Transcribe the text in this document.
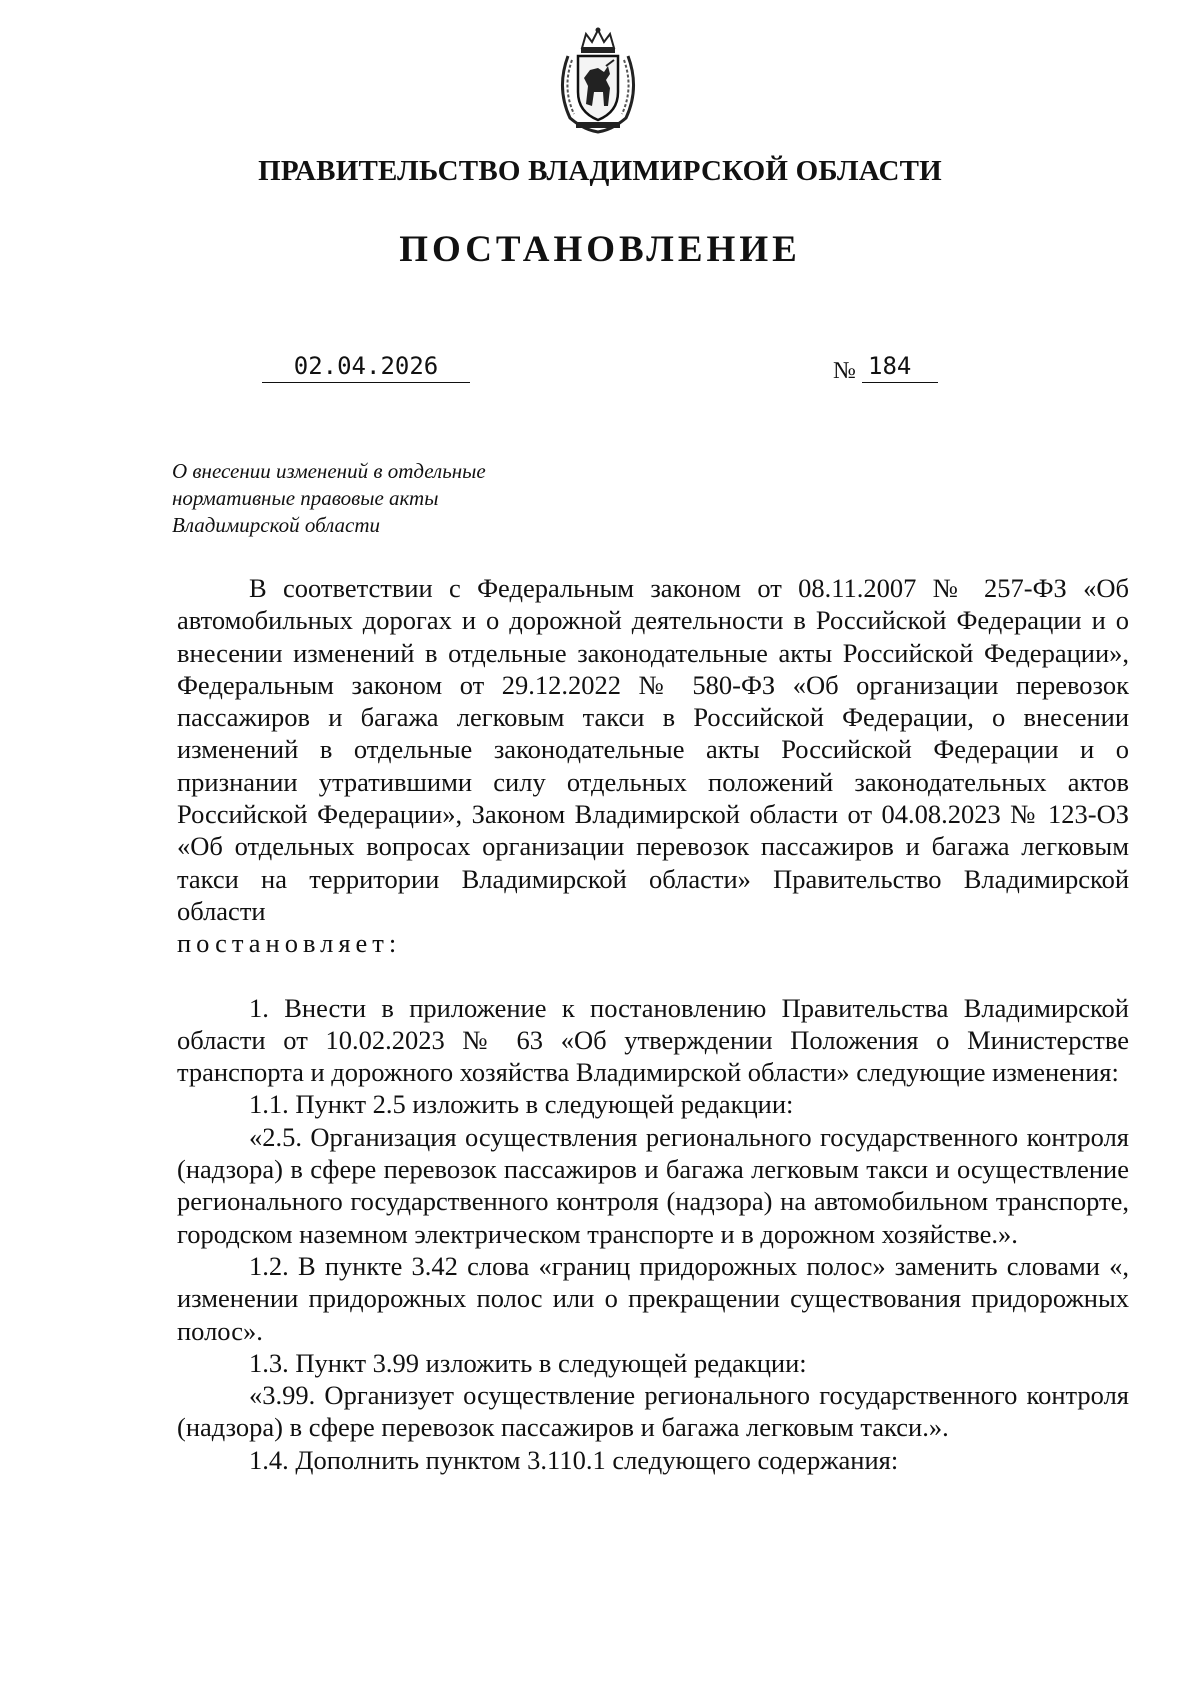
ПРАВИТЕЛЬСТВО ВЛАДИМИРСКОЙ ОБЛАСТИ
ПОСТАНОВЛЕНИЕ
02.04.2026	№ 184
О внесении изменений в отдельные
нормативные правовые акты
Владимирской области

В соответствии с Федеральным законом от 08.11.2007 № 257-ФЗ «Об автомобильных дорогах и о дорожной деятельности в Российской Федерации и о внесении изменений в отдельные законодательные акты Российской Федерации», Федеральным законом от 29.12.2022 № 580-ФЗ «Об организации перевозок пассажиров и багажа легковым такси в Российской Федерации, о внесении изменений в отдельные законодательные акты Российской Федерации и о признании утратившими силу отдельных положений законодательных актов Российской Федерации», Законом Владимирской области от 04.08.2023 № 123-ОЗ «Об отдельных вопросах организации перевозок пассажиров и багажа легковым такси на территории Владимирской области» Правительство Владимирской области

постановляет:

1. Внести в приложение к постановлению Правительства Владимирской области от 10.02.2023 № 63 «Об утверждении Положения о Министерстве транспорта и дорожного хозяйства Владимирской области» следующие изменения:

1.1. Пункт 2.5 изложить в следующей редакции:

«2.5. Организация осуществления регионального государственного контроля (надзора) в сфере перевозок пассажиров и багажа легковым такси и осуществление регионального государственного контроля (надзора) на автомобильном транспорте, городском наземном электрическом транспорте и в дорожном хозяйстве.».

1.2. В пункте 3.42 слова «границ придорожных полос» заменить словами «, изменении придорожных полос или о прекращении существования придорожных полос».

1.3. Пункт 3.99 изложить в следующей редакции:

«3.99. Организует осуществление регионального государственного контроля (надзора) в сфере перевозок пассажиров и багажа легковым такси.».

1.4. Дополнить пунктом 3.110.1 следующего содержания:
